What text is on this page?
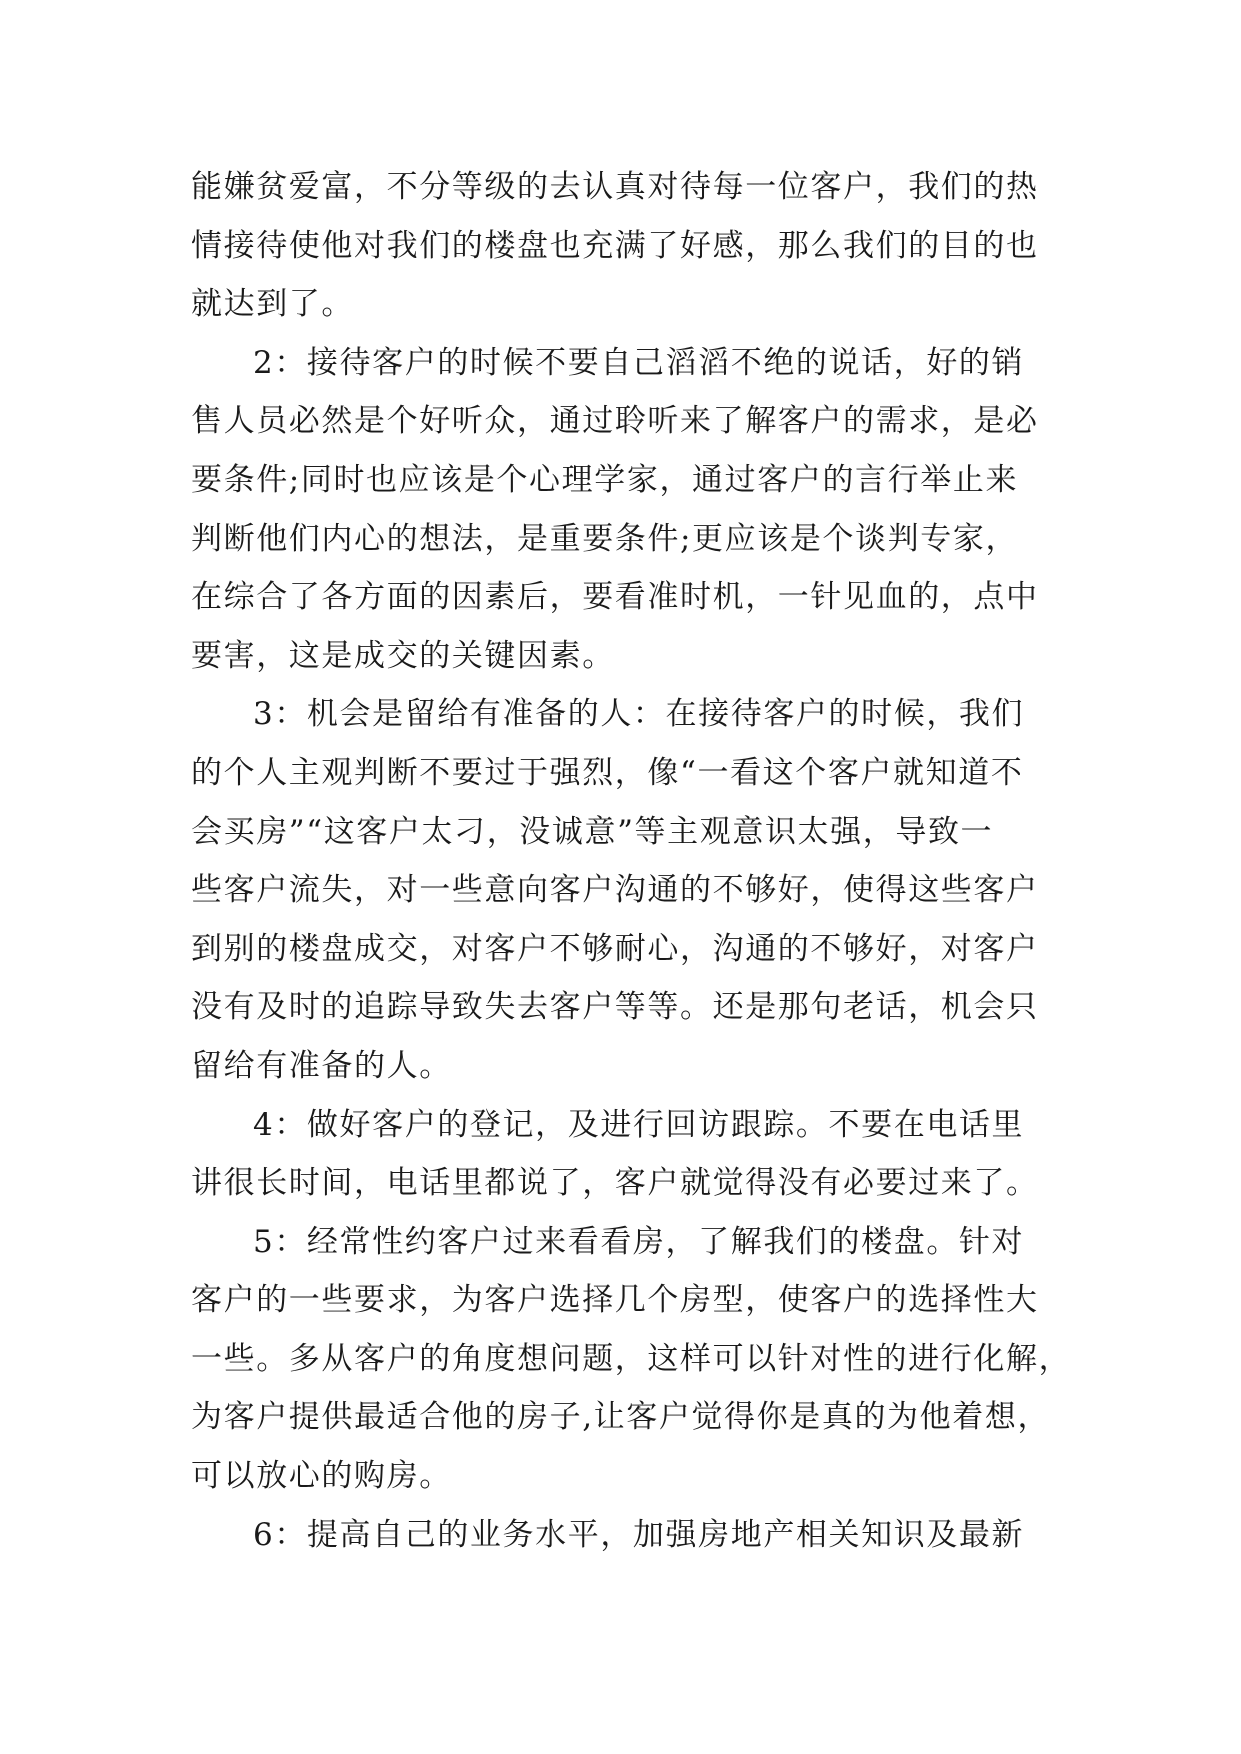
能嫌贫爱富，不分等级的去认真对待每一位客户，我们的热
情接待使他对我们的楼盘也充满了好感，那么我们的目的也
就达到了。
2：接待客户的时候不要自己滔滔不绝的说话，好的销
售人员必然是个好听众，通过聆听来了解客户的需求，是必
要条件;同时也应该是个心理学家，通过客户的言行举止来
判断他们内心的想法，是重要条件;更应该是个谈判专家，
在综合了各方面的因素后，要看准时机，一针见血的，点中
要害，这是成交的关键因素。
3：机会是留给有准备的人：在接待客户的时候，我们
的个人主观判断不要过于强烈，像“一看这个客户就知道不
会买房”“这客户太刁，没诚意”等主观意识太强，导致一
些客户流失，对一些意向客户沟通的不够好，使得这些客户
到别的楼盘成交，对客户不够耐心，沟通的不够好，对客户
没有及时的追踪导致失去客户等等。还是那句老话，机会只
留给有准备的人。
4：做好客户的登记，及进行回访跟踪。不要在电话里
讲很长时间，电话里都说了，客户就觉得没有必要过来了。
5：经常性约客户过来看看房，了解我们的楼盘。针对
客户的一些要求，为客户选择几个房型，使客户的选择性大
一些。多从客户的角度想问题，这样可以针对性的进行化解，
为客户提供最适合他的房子,让客户觉得你是真的为他着想，
可以放心的购房。
6：提高自己的业务水平，加强房地产相关知识及最新
